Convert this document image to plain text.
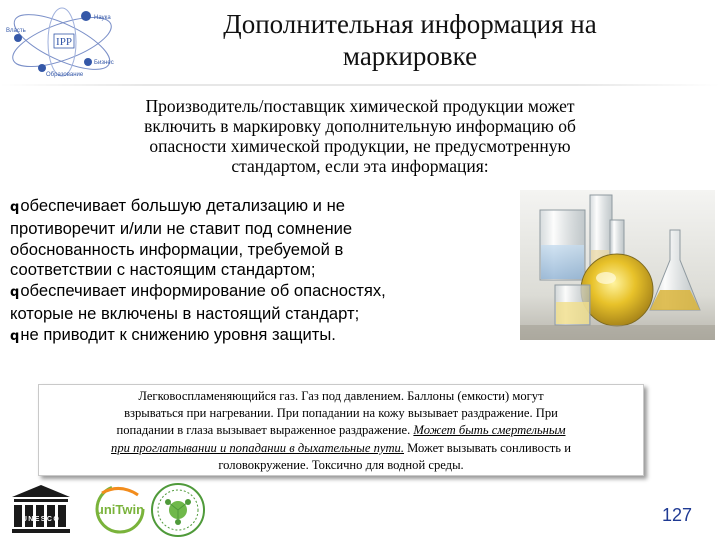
IPP
Наука
Бизнес
Власть
Образование
Дополнительная информация на
маркировке
Производитель/поставщик химической продукции может
включить в маркировку дополнительную информацию об
опасности химической продукции, не предусмотренную
стандартом, если эта информация:
qобеспечивает большую детализацию и не
противоречит и/или не ставит под сомнение
обоснованность информации, требуемой в
соответствии с настоящим стандартом;
qобеспечивает информирование об опасностях,
которые не включены в настоящий стандарт;
qне приводит к снижению уровня защиты.
Легковоспламеняющийся газ. Газ под давлением. Баллоны (емкости) могут
взрываться при нагревании. При попадании на кожу вызывает раздражение. При
попадании в глаза вызывает выраженное раздражение. Может быть смертельным
при проглатывании и попадании в дыхательные пути. Может вызывать сонливость и
головокружение. Токсично для водной среды.
UNESCO
uniTwin	127
